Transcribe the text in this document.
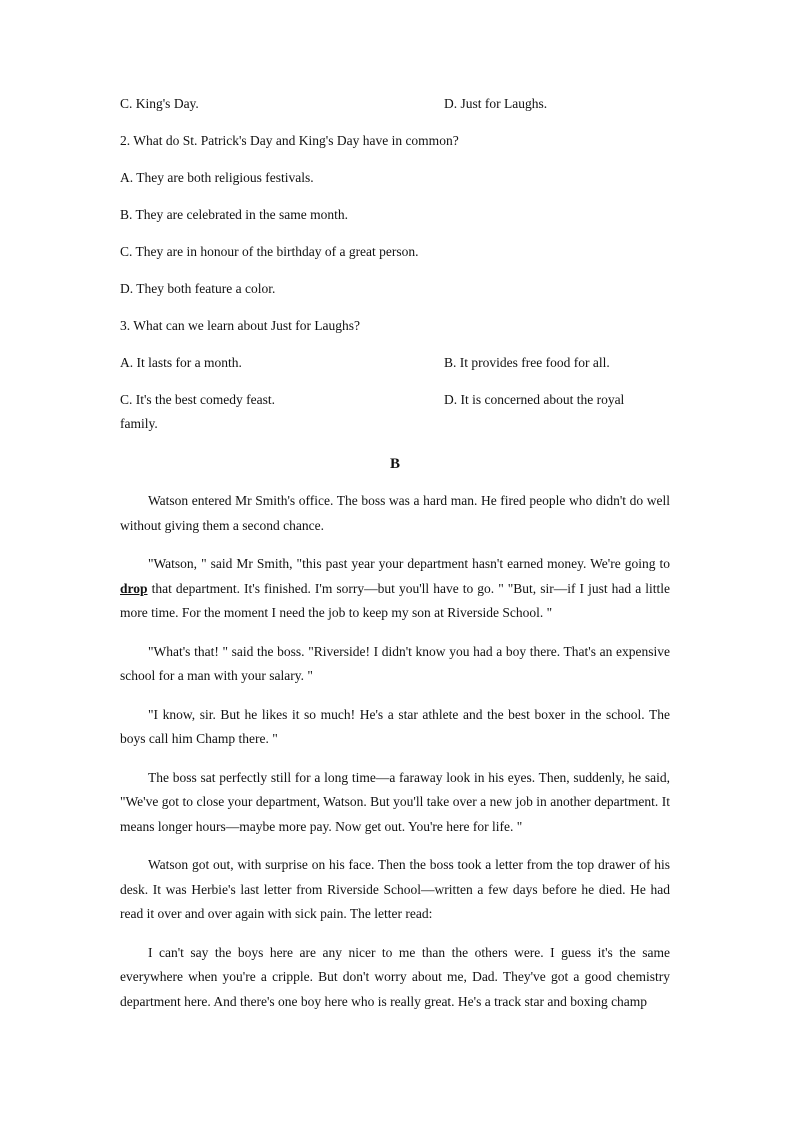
C. King's Day.	D. Just for Laughs.
2. What do St. Patrick's Day and King's Day have in common?
A. They are both religious festivals.
B. They are celebrated in the same month.
C. They are in honour of the birthday of a great person.
D. They both feature a color.
3. What can we learn about Just for Laughs?
A. It lasts for a month.	B. It provides free food for all.
C. It's the best comedy feast.	D. It is concerned about the royal
family.
B

Watson entered Mr Smith's office. The boss was a hard man. He fired people who didn't do well without giving them a second chance.

"Watson, " said Mr Smith, "this past year your department hasn't earned money. We're going to drop that department. It's finished. I'm sorry—but you'll have to go. " "But, sir—if I just had a little more time. For the moment I need the job to keep my son at Riverside School. "

"What's that! " said the boss. "Riverside! I didn't know you had a boy there. That's an expensive school for a man with your salary. "

"I know, sir. But he likes it so much! He's a star athlete and the best boxer in the school. The boys call him Champ there. "

The boss sat perfectly still for a long time—a faraway look in his eyes. Then, suddenly, he said, "We've got to close your department, Watson. But you'll take over a new job in another department. It means longer hours—maybe more pay. Now get out. You're here for life. "

Watson got out, with surprise on his face. Then the boss took a letter from the top drawer of his desk. It was Herbie's last letter from Riverside School—written a few days before he died. He had read it over and over again with sick pain. The letter read:

I can't say the boys here are any nicer to me than the others were. I guess it's the same everywhere when you're a cripple. But don't worry about me, Dad. They've got a good chemistry department here. And there's one boy here who is really great. He's a track star and boxing champ
